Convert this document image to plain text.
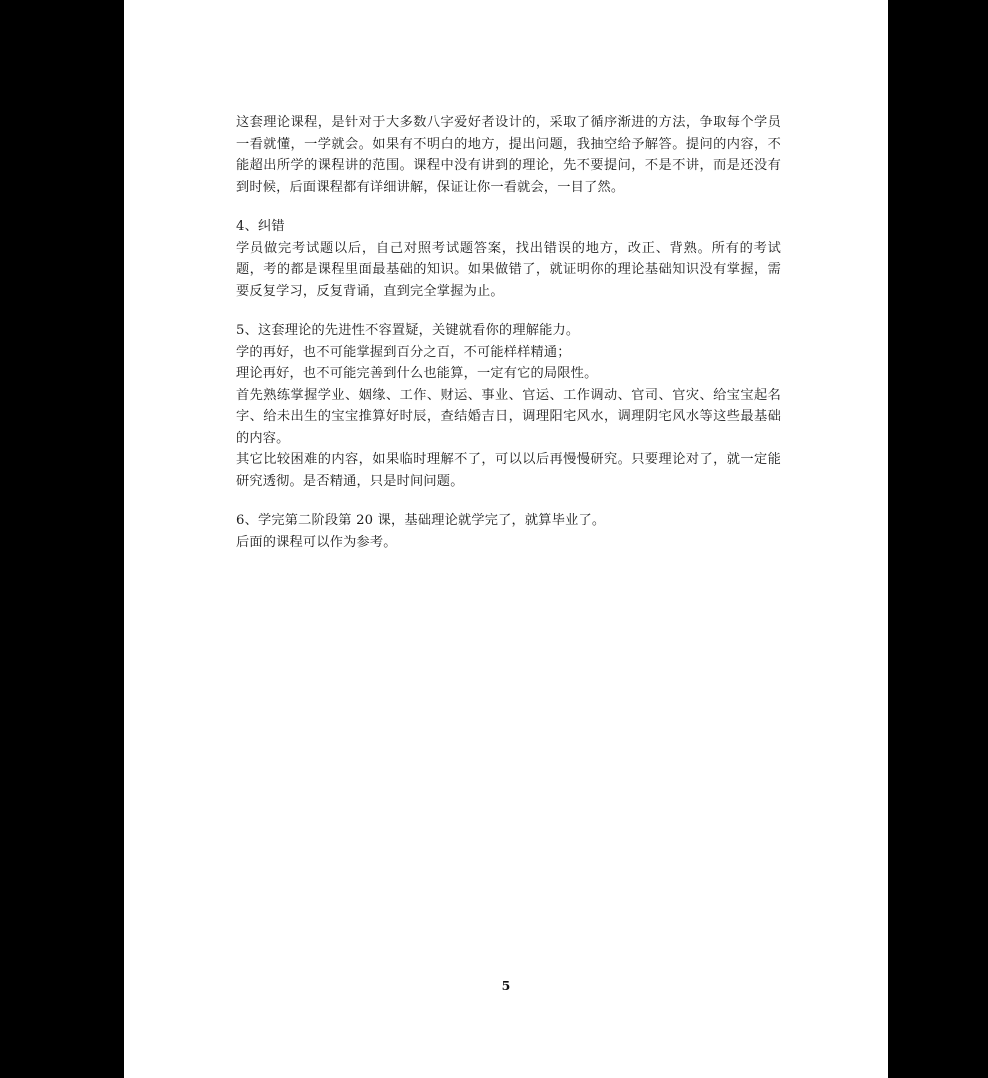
这套理论课程，是针对于大多数八字爱好者设计的，采取了循序渐进的方法，争取每个学员一看就懂，一学就会。如果有不明白的地方，提出问题，我抽空给予解答。提问的内容，不能超出所学的课程讲的范围。课程中没有讲到的理论，先不要提问，不是不讲，而是还没有到时候，后面课程都有详细讲解，保证让你一看就会，一目了然。

4、纠错

学员做完考试题以后，自己对照考试题答案，找出错误的地方，改正、背熟。所有的考试题，考的都是课程里面最基础的知识。如果做错了，就证明你的理论基础知识没有掌握，需要反复学习，反复背诵，直到完全掌握为止。

5、这套理论的先进性不容置疑，关键就看你的理解能力。

学的再好，也不可能掌握到百分之百，不可能样样精通；

理论再好，也不可能完善到什么也能算，一定有它的局限性。

首先熟练掌握学业、姻缘、工作、财运、事业、官运、工作调动、官司、官灾、给宝宝起名字、给未出生的宝宝推算好时辰，查结婚吉日，调理阳宅风水，调理阴宅风水等这些最基础的内容。

其它比较困难的内容，如果临时理解不了，可以以后再慢慢研究。只要理论对了，就一定能研究透彻。是否精通，只是时间问题。

6、学完第二阶段第 20 课，基础理论就学完了，就算毕业了。

后面的课程可以作为参考。

5
